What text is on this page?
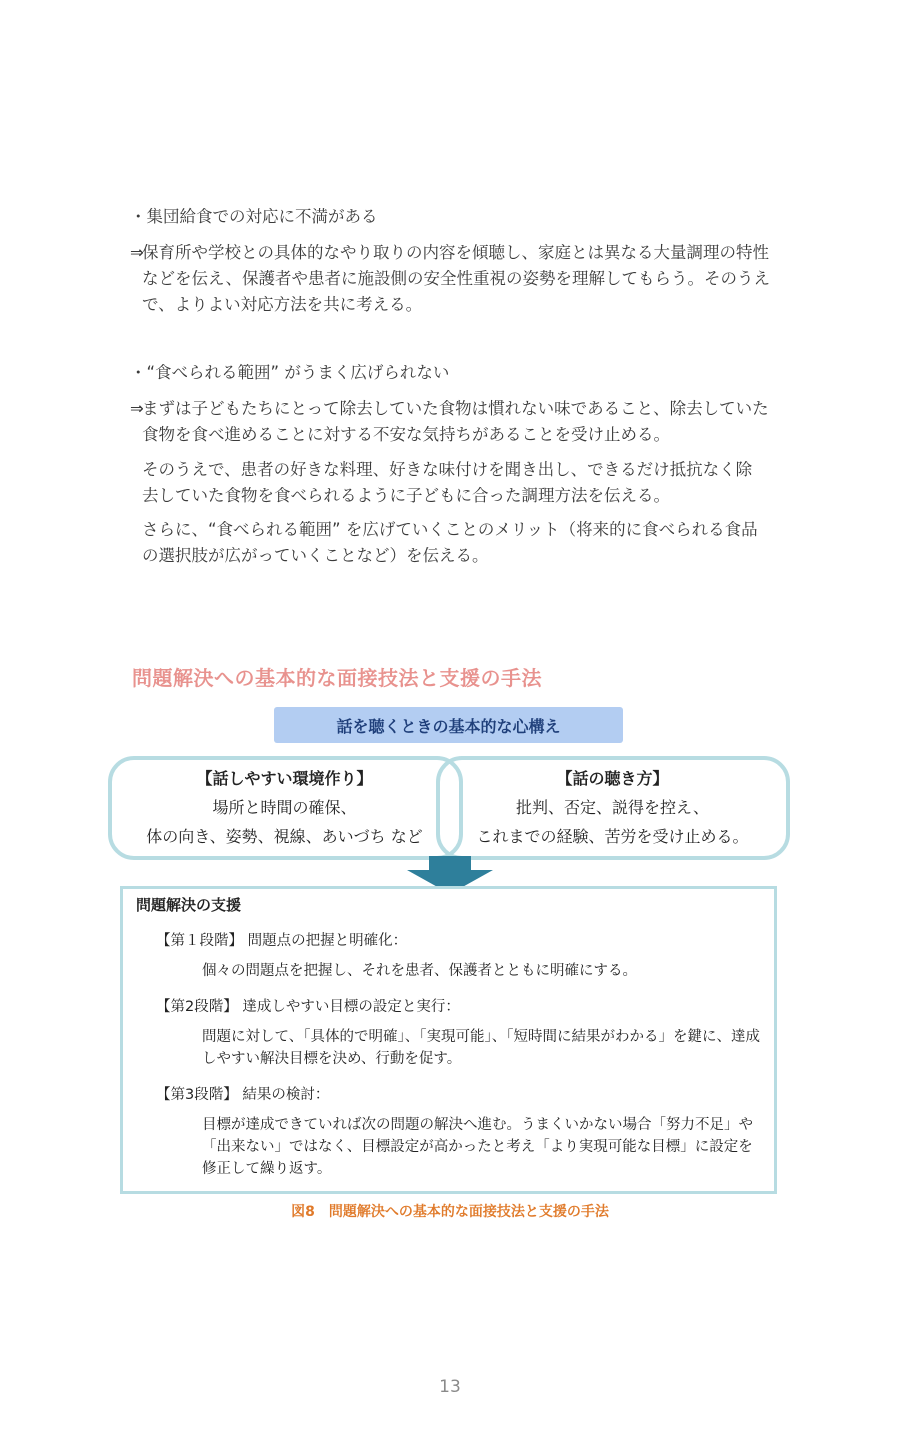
・集団給食での対応に不満がある
⇒
保育所や学校との具体的なやり取りの内容を傾聴し、家庭とは異なる大量調理の特性などを伝え、保護者や患者に施設側の安全性重視の姿勢を理解してもらう。そのうえで、よりよい対応方法を共に考える。
・“食べられる範囲” がうまく広げられない
⇒
まずは子どもたちにとって除去していた食物は慣れない味であること、除去していた食物を食べ進めることに対する不安な気持ちがあることを受け止める。
そのうえで、患者の好きな料理、好きな味付けを聞き出し、できるだけ抵抗なく除去していた食物を食べられるように子どもに合った調理方法を伝える。
さらに、“食べられる範囲” を広げていくことのメリット（将来的に食べられる食品の選択肢が広がっていくことなど）を伝える。
問題解決への基本的な面接技法と支援の手法
話を聴くときの基本的な心構え
【話しやすい環境作り】
場所と時間の確保、
体の向き、姿勢、視線、あいづち など
【話の聴き方】
批判、否定、説得を控え、
これまでの経験、苦労を受け止める。
問題解決の支援
【第１段階】 問題点の把握と明確化：
個々の問題点を把握し、それを患者、保護者とともに明確にする。
【第2段階】 達成しやすい目標の設定と実行：
問題に対して、「具体的で明確」、「実現可能」、「短時間に結果がわかる」を鍵に、達成しやすい解決目標を決め、行動を促す。
【第3段階】 結果の検討：
目標が達成できていれば次の問題の解決へ進む。うまくいかない場合「努力不足」や「出来ない」ではなく、目標設定が高かったと考え「より実現可能な目標」に設定を修正して繰り返す。
図8　問題解決への基本的な面接技法と支援の手法
13
